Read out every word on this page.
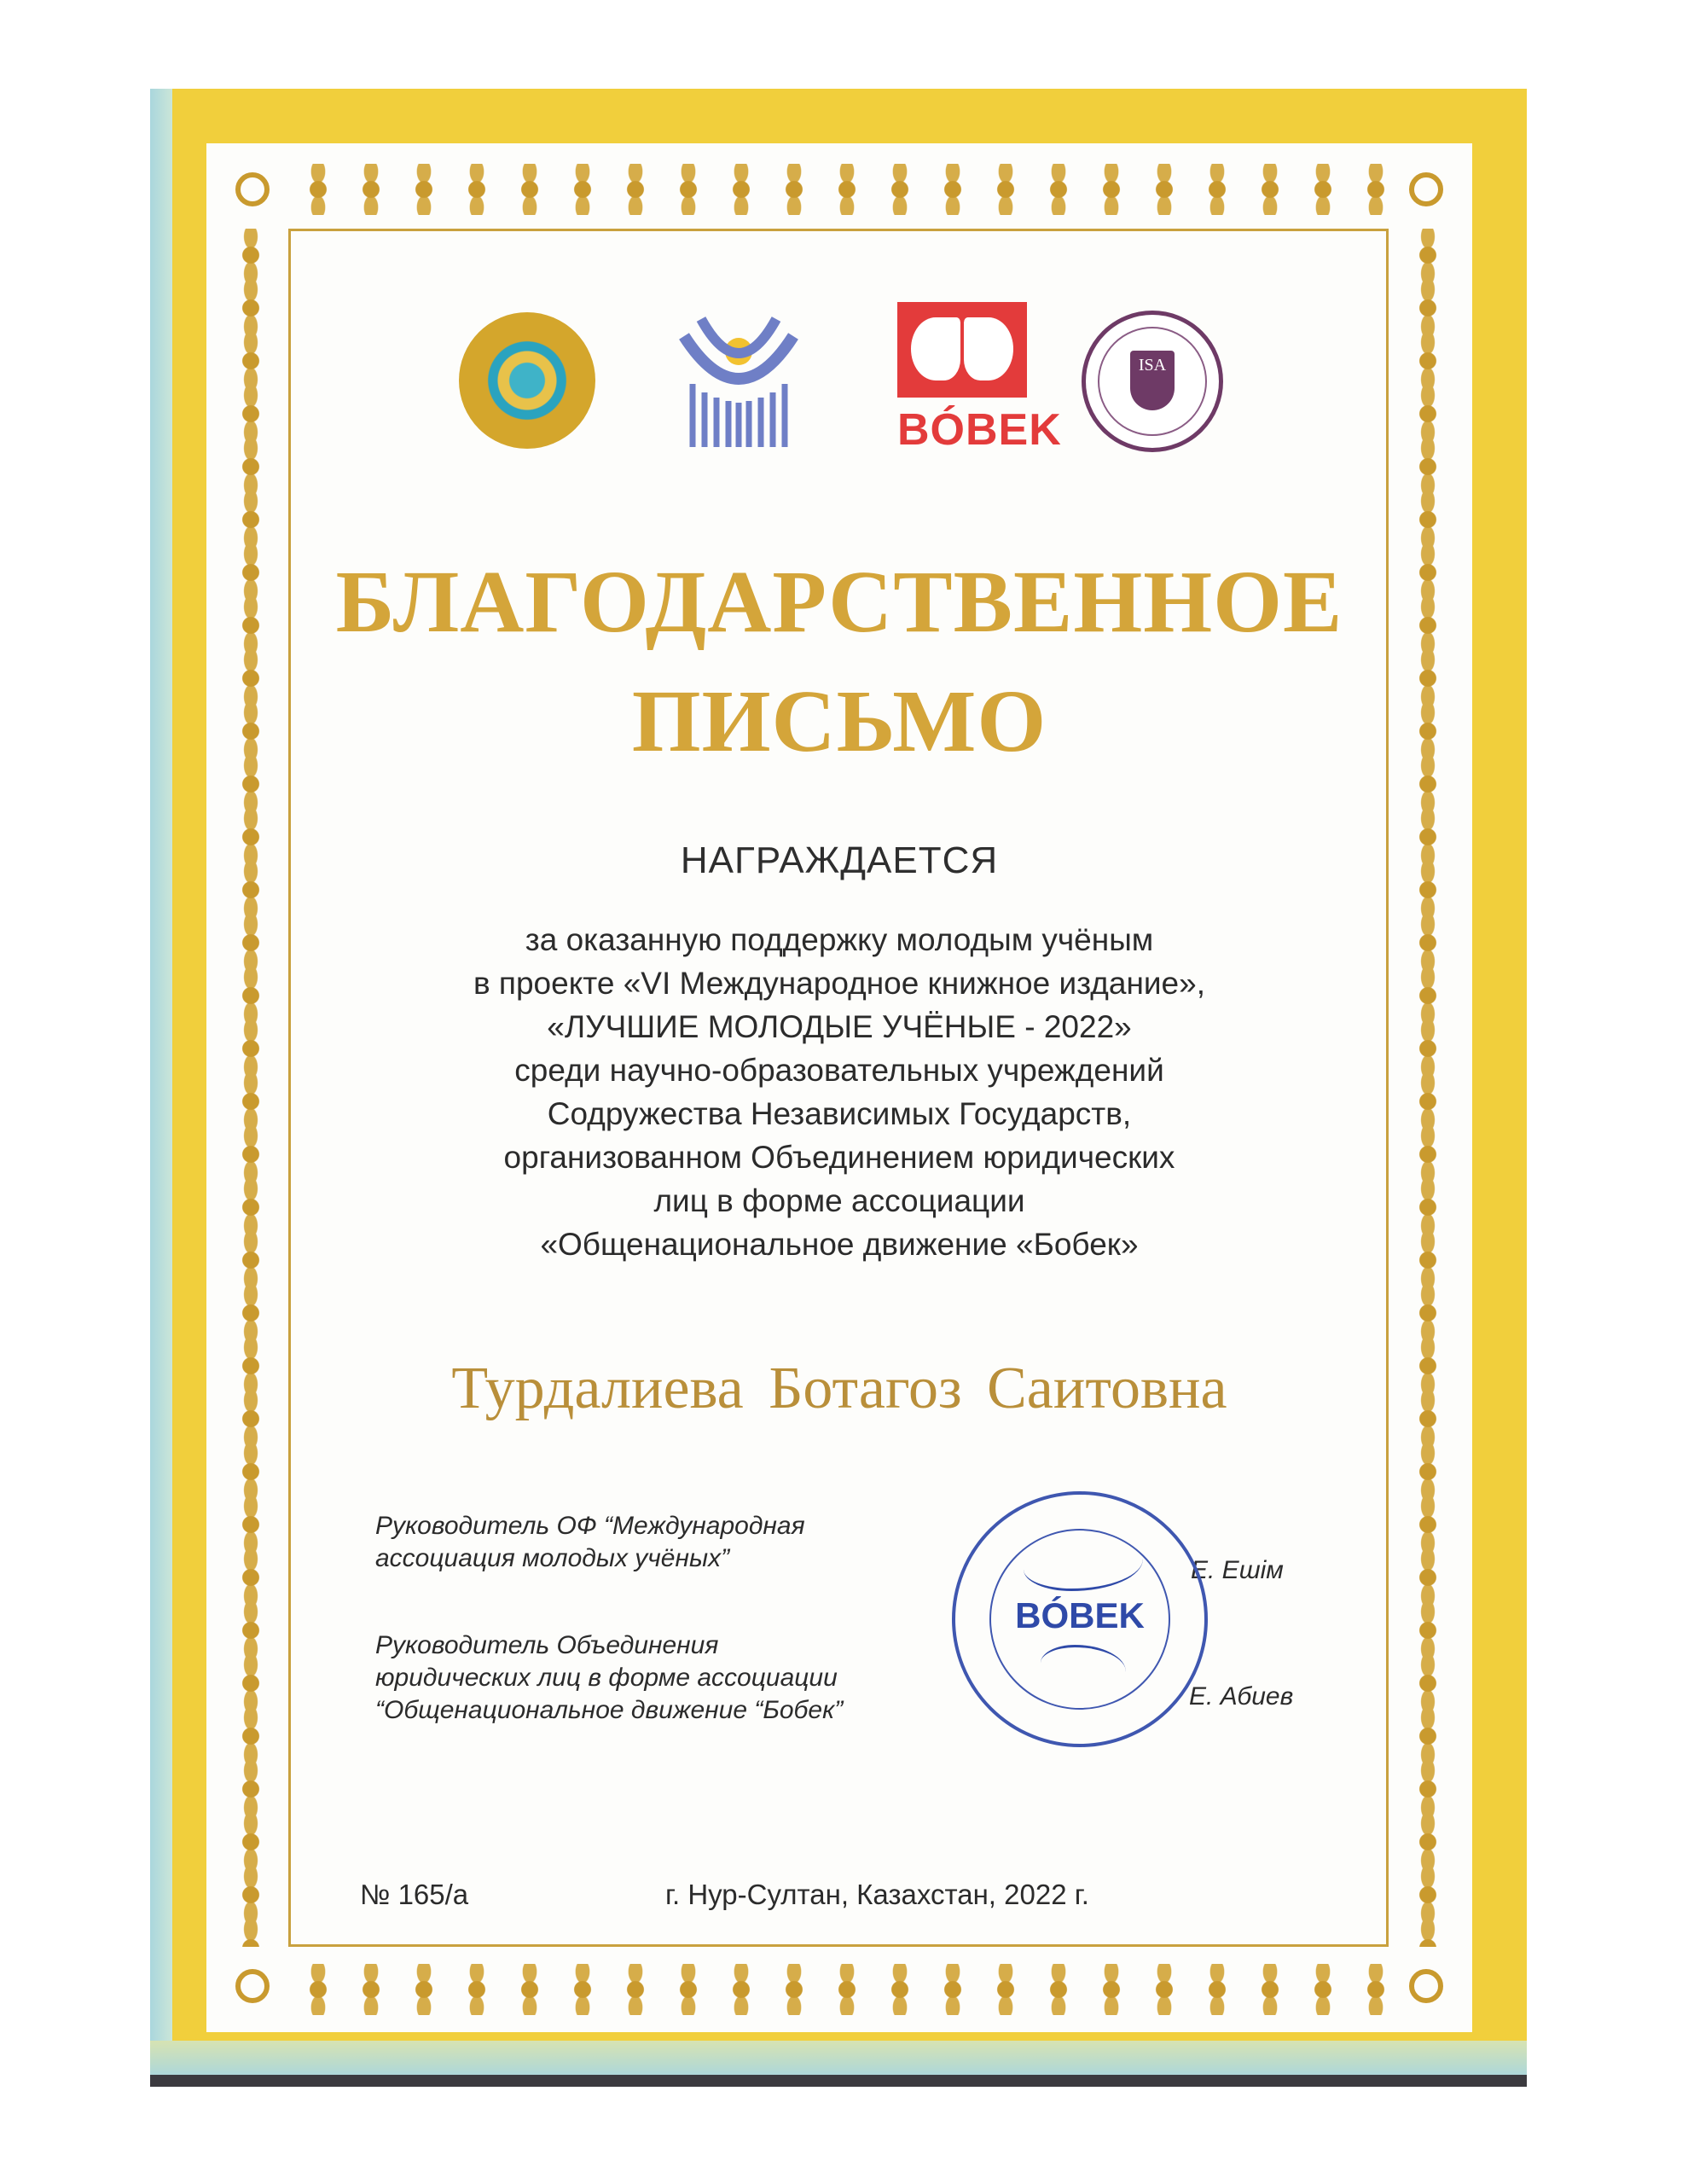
BÓBEK
ISA
БЛАГОДАРСТВЕННОЕ
ПИСЬМО
НАГРАЖДАЕТСЯ
за оказанную поддержку молодым учёным
в проекте «VI Международное книжное издание»,
«ЛУЧШИЕ МОЛОДЫЕ УЧЁНЫЕ - 2022»
среди научно-образовательных учреждений
Содружества Независимых Государств,
организованном Объединением юридических
лиц в форме ассоциации
«Общенациональное движение «Бобек»
Турдалиева Ботагоз Саитовна
Руководитель ОФ “Международная
ассоциация молодых учёных”
Руководитель Объединения
юридических лиц в форме ассоциации
“Общенациональное движение “Бобек”
Е. Ешім
Е. Абиев
BÓBEK
№ 165/а	г. Нур-Султан, Казахстан, 2022 г.
